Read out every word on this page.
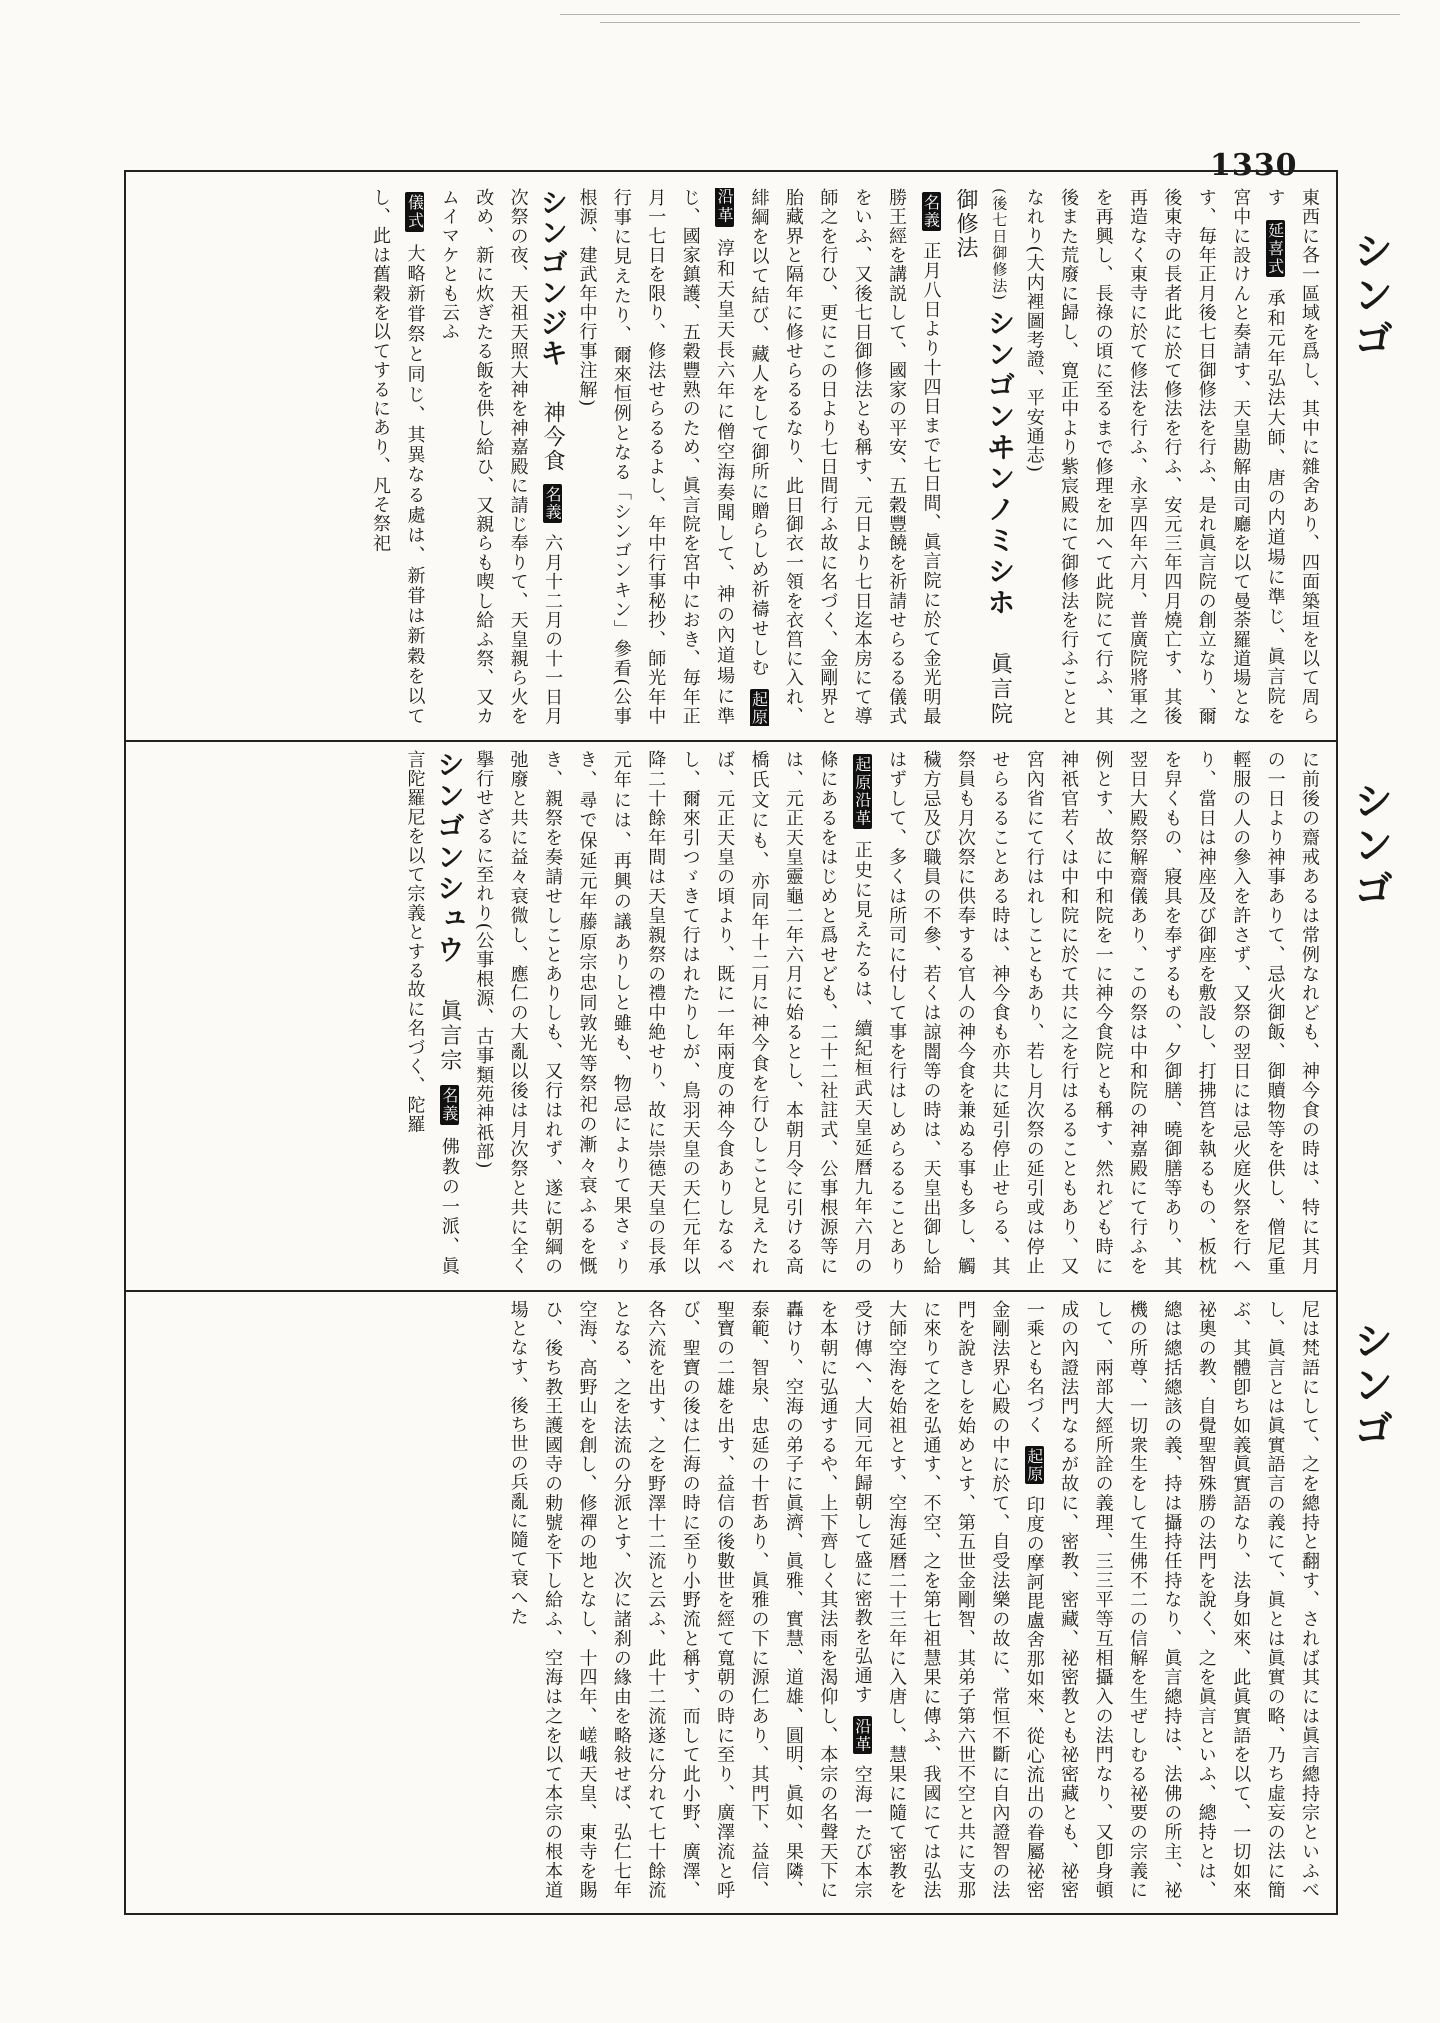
1330
シンゴ
シンゴ
シンゴ

東西に各一區域を爲し、其中に雜舍あり、四面築垣を以て周らす 延喜式 承和元年弘法大師、唐の内道場に準じ、眞言院を宮中に設けんと奏請す、天皇勘解由司廳を以て曼荼羅道場となす、毎年正月後七日御修法を行ふ、是れ眞言院の創立なり、爾後東寺の長者此に於て修法を行ふ、安元三年四月燒亡す、其後再造なく東寺に於て修法を行ふ、永享四年六月、普廣院將軍之を再興し、長祿の頃に至るまで修理を加へて此院にて行ふ、其後また荒廢に歸し、寛正中より紫宸殿にて御修法を行ふこととなれり(大内裡圖考證、平安通志)

(後七日御修法) シンゴンヰンノミシホ 眞言院御修法

名義 正月八日より十四日まで七日間、眞言院に於て金光明最勝王經を講説して、國家の平安、五穀豐饒を祈請せらるる儀式をいふ、又後七日御修法とも稱す、元日より七日迄本房にて導師之を行ひ、更にこの日より七日間行ふ故に名づく、金剛界と胎藏界と隔年に修せらるるなり、此日御衣一領を衣筥に入れ、緋綱を以て結び、藏人をして御所に贈らしめ祈禱せしむ 起原沿革 淳和天皇天長六年に僧空海奏聞して、神の內道場に準じ、國家鎮護、五穀豐熟のため、眞言院を宮中におき、毎年正月一七日を限り、修法せらるるよし、年中行事秘抄、師光年中行事に見えたり、爾來恒例となる「シンゴンキン」參看(公事根源、建武年中行事注解)

シンゴンジキ 神今食 名義 六月十二月の十一日月次祭の夜、天祖天照大神を神嘉殿に請じ奉りて、天皇親ら火を改め、新に炊ぎたる飯を供し給ひ、又親らも喫し給ふ祭、又カムイマケとも云ふ

儀式 大略新甞祭と同じ、其異なる處は、新甞は新穀を以てし、此は舊穀を以てするにあり、凡そ祭祀

に前後の齋戒あるは常例なれども、神今食の時は、特に其月の一日より神事ありて、忌火御飯、御贖物等を供し、僧尼重輕服の人の參入を許さず、又祭の翌日には忌火庭火祭を行へり、當日は神座及び御座を敷設し、打拂筥を執るもの、板枕を舁くもの、寢具を奉ずるもの、夕御膳、曉御膳等あり、其翌日大殿祭解齋儀あり、この祭は中和院の神嘉殿にて行ふを例とす、故に中和院を一に神今食院とも稱す、然れども時に神祇官若くは中和院に於て共に之を行はるることもあり、又宮內省にて行はれしこともあり、若し月次祭の延引或は停止せらるることある時は、神今食も亦共に延引停止せらる、其祭員も月次祭に供奉する官人の神今食を兼ぬる事も多し、觸穢方忌及び職員の不參、若くは諒闇等の時は、天皇出御し給はずして、多くは所司に付して事を行はしめらるることあり 起原沿革 正史に見えたるは、續紀桓武天皇延曆九年六月の條にあるをはじめと爲せども、二十二社註式、公事根源等には、元正天皇靈龜二年六月に始るとし、本朝月令に引ける高橋氏文にも、亦同年十二月に神今食を行ひしこと見えたれば、元正天皇の頃より、既に一年兩度の神今食ありしなるべし、爾來引つゞきて行はれたりしが、鳥羽天皇の天仁元年以降二十餘年間は天皇親祭の禮中絶せり、故に崇德天皇の長承元年には、再興の議ありしと雖も、物忌によりて果さゞりき、尋で保延元年藤原宗忠同敦光等祭祀の漸々衰ふるを慨き、親祭を奏請せしことありしも、又行はれず、遂に朝綱の弛廢と共に益々衰微し、應仁の大亂以後は月次祭と共に全く擧行せざるに至れり(公事根源、古事類苑神祇部)

シンゴンシュウ 眞言宗 名義 佛教の一派、眞言陀羅尼を以て宗義とする故に名づく、陀羅

尼は梵語にして、之を總持と翻す、されば其には眞言總持宗といふべし、眞言とは眞實語言の義にて、眞とは眞實の略、乃ち虛妄の法に簡ぶ、其體卽ち如義眞實語なり、法身如來、此眞實語を以て、一切如來祕奧の教、自覺聖智殊勝の法門を說く、之を眞言といふ、總持とは、總は總括總該の義、持は攝持任持なり、眞言總持は、法佛の所主、祕機の所尊、一切衆生をして生佛不二の信解を生ぜしむる祕要の宗義にして、兩部大經所詮の義理、三三平等互相攝入の法門なり、又卽身頓成の內證法門なるが故に、密教、密藏、祕密教とも祕密藏とも、祕密一乘とも名づく 起原 印度の摩訶毘盧舍那如來、從心流出の眷屬祕密金剛法界心殿の中に於て、自受法樂の故に、常恒不斷に自內證智の法門を說きしを始めとす、第五世金剛智、其弟子第六世不空と共に支那に來りて之を弘通す、不空、之を第七祖慧果に傳ふ、我國にては弘法大師空海を始祖とす、空海延曆二十三年に入唐し、慧果に隨て密教を受け傳へ、大同元年歸朝して盛に密教を弘通す 沿革 空海一たび本宗を本朝に弘通するや、上下齊しく其法雨を渴仰し、本宗の名聲天下に轟けり、空海の弟子に眞濟、眞雅、實慧、道雄、圓明、眞如、果隣、泰範、智泉、忠延の十哲あり、眞雅の下に源仁あり、其門下、益信、聖寶の二雄を出す、益信の後數世を經て寬朝の時に至り、廣澤流と呼び、聖寶の後は仁海の時に至り小野流と稱す、而して此小野、廣澤、各六流を出す、之を野澤十二流と云ふ、此十二流遂に分れて七十餘流となる、之を法流の分派とす、次に諸刹の緣由を略敍せば、弘仁七年空海、高野山を創し、修禪の地となし、十四年、嵯峨天皇、東寺を賜ひ、後ち教王護國寺の勅號を下し給ふ、空海は之を以て本宗の根本道場となす、後ち世の兵亂に隨て衰へた
